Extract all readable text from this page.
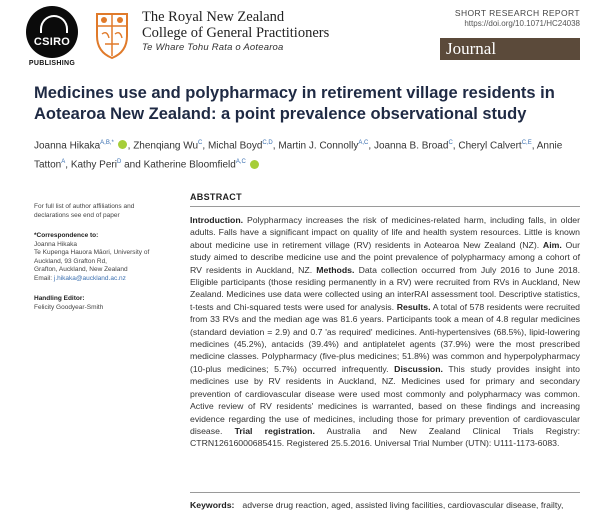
CSIRO
PUBLISHING
The Royal New Zealand
College of General Practitioners
Te Whare Tohu Rata o Aotearoa
SHORT RESEARCH REPORT
https://doi.org/10.1071/HC24038
Journal
Medicines use and polypharmacy in retirement village residents in Aotearoa New Zealand: a point prevalence observational study
Joanna Hikaka$^{A,B,*}$ , Zhenqiang $Wu^C$, Michal Boyd$^{C,D}$, Martin J. Connolly$^{A,C}$, Joanna B. Broad$^C$, Cheryl Calvert$^{C,E}$, Annie Tatton$^A$, Kathy Peri$^D$ and Katherine Bloomfield$^{A,C}$
For full list of author affiliations and declarations see end of paper
*Correspondence to:
Joanna Hikaka
Te Kupenga Hauora Māori, University of Auckland, 93 Grafton Rd,
Grafton, Auckland, New Zealand
Email: j.hikaka@auckland.ac.nz
Handling Editor:
Felicity Goodyear-Smith
ABSTRACT
Introduction. Polypharmacy increases the risk of medicines-related harm, including falls, in older adults. Falls have a significant impact on quality of life and health system resources. Little is known about medicine use in retirement village (RV) residents in Aotearoa New Zealand (NZ). Aim. Our study aimed to describe medicine use and the point prevalence of polypharmacy among a cohort of RV residents in Auckland, NZ. Methods. Data collection occurred from July 2016 to June 2018. Eligible participants (those residing permanently in a RV) were recruited from RVs in Auckland, New Zealand. Medicines use data were collected using an interRAI assessment tool. Descriptive statistics, t-tests and Chi-squared tests were used for analysis. Results. A total of 578 residents were recruited from 33 RVs and the median age was 81.6 years. Participants took a mean of 4.8 regular medicines (standard deviation = 2.9) and 0.7 'as required' medicines. Anti-hypertensives (68.5%), lipid-lowering medicines (45.2%), antacids (39.4%) and antiplatelet agents (37.9%) were the most prescribed medicine classes. Polypharmacy (five-plus medicines; 51.8%) was common and hyperpolypharmacy (10-plus medicines; 5.7%) occurred infrequently. Discussion. This study provides insight into medicines use by RV residents in Auckland, NZ. Medicines used for primary and secondary prevention of cardiovascular disease were used most commonly and polypharmacy was common. Active review of RV residents' medicines is warranted, based on these findings and increasing evidence regarding the use of medicines, including those for primary prevention of cardiovascular disease. Trial registration. Australia and New Zealand Clinical Trials Registry: CTRN12616000685415. Registered 25.5.2016. Universal Trial Number (UTN): U111-1173-6083.
Keywords: adverse drug reaction, aged, assisted living facilities, cardiovascular disease, frailty,
